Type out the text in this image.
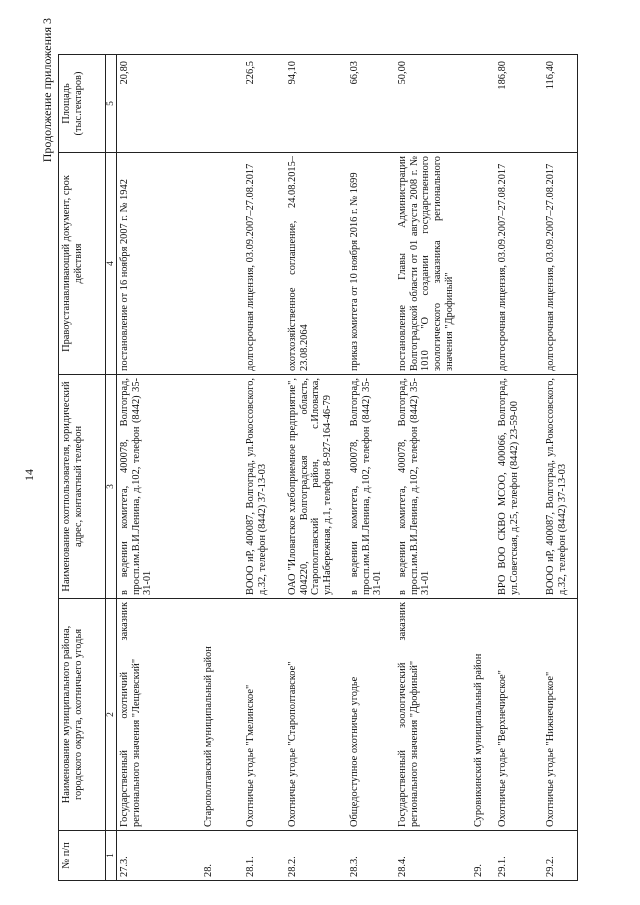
14
Продолжение приложения 3
№ п/п	Наименование муниципального района, городского округа, охотничьего угодья	Наименование охотпользователя, юридический адрес, контактный телефон	Правоустанавливающий документ, срок действия	Площадь (тыс.гектаров)
1	2	3	4	5
27.3.	Государственный охотничий заказник регионального значения "Лещевский"	в ведении комитета, 400078, Волгоград, просп.им.В.И.Ленина, д.102, телефон (8442) 35-31-01	постановление от 16 ноября 2007 г. № 1942	20,80
28.	Старополтавский муниципальный район			
28.1.	Охотничье угодье "Гмелинское"	ВООО иР, 400087, Волгоград, ул.Рокоссовского, д.32, телефон (8442) 37-13-03	долгосрочная лицензия, 03.09.2007–27.08.2017	226,5
28.2.	Охотничье угодье "Старополтавское"	ОАО "Иловатское хлебоприемное предприятие", 404220, Волгоградская область, Старополтавский район, с.Иловатка, ул.Набережная, д.1, телефон 8-927-164-46-79	охотхозяйственное соглашение, 24.08.2015–23.08.2064	94,10
28.3.	Общедоступное охотничье угодье	в ведении комитета, 400078, Волгоград, просп.им.В.И.Ленина, д.102, телефон (8442) 35-31-01	приказ комитета от 10 ноября 2016 г. № 1699	66,03
28.4.	Государственный зоологический заказник регионального значения "Дрофиный"	в ведении комитета, 400078, Волгоград, просп.им.В.И.Ленина, д.102, телефон (8442) 35-31-01	постановление Главы Администрации Волгоградской области от 01 августа 2008 г. № 1010 "О создании государственного зоологического заказника регионального значения "Дрофиный"	50,00
29.	Суровикинский муниципальный район			
29.1.	Охотничье угодье "Верхнечирское"	ВРО ВОО СКВО МСОО, 400066, Волгоград, ул.Советская, д.25, телефон (8442) 23-59-00	долгосрочная лицензия, 03.09.2007–27.08.2017	186,80
29.2.	Охотничье угодье "Нижнечирское"	ВООО иР, 400087, Волгоград, ул.Рокоссовского, д.32, телефон (8442) 37-13-03	долгосрочная лицензия, 03.09.2007–27.08.2017	116,40
